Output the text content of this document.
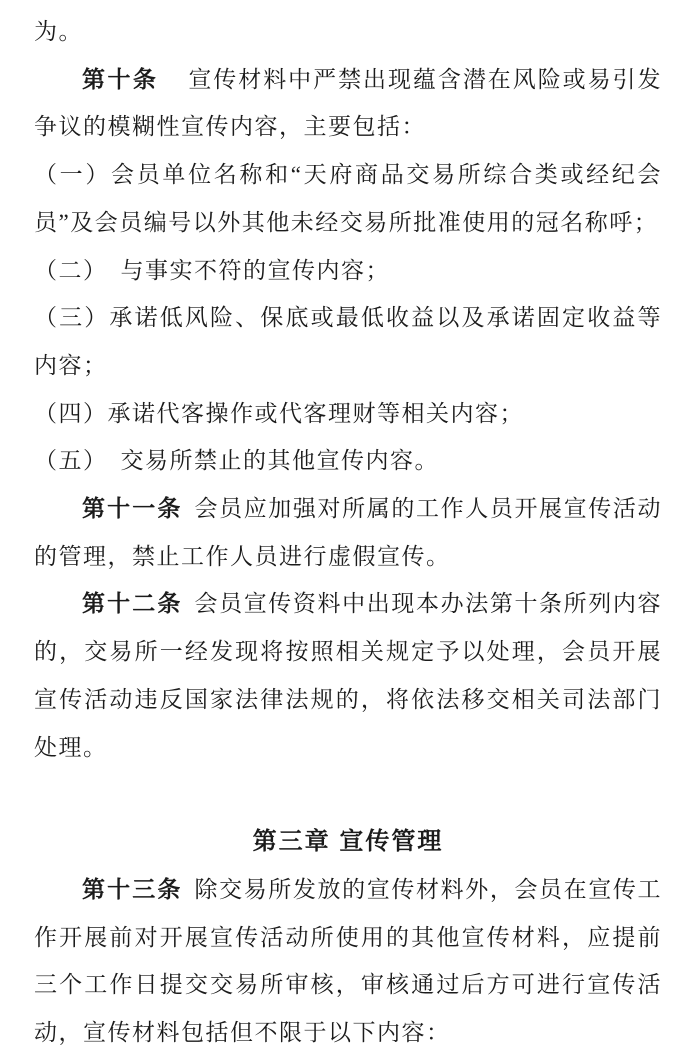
为。

第十条 宣传材料中严禁出现蕴含潜在风险或易引发争议的模糊性宣传内容，主要包括：

（一）会员单位名称和“天府商品交易所综合类或经纪会员”及会员编号以外其他未经交易所批准使用的冠名称呼；

（二）　与事实不符的宣传内容；

（三）承诺低风险、保底或最低收益以及承诺固定收益等内容；

（四）承诺代客操作或代客理财等相关内容；

（五）　交易所禁止的其他宣传内容。

第十一条 会员应加强对所属的工作人员开展宣传活动的管理，禁止工作人员进行虚假宣传。

第十二条 会员宣传资料中出现本办法第十条所列内容的，交易所一经发现将按照相关规定予以处理，会员开展宣传活动违反国家法律法规的，将依法移交相关司法部门处理。

第三章 宣传管理

第十三条 除交易所发放的宣传材料外，会员在宣传工作开展前对开展宣传活动所使用的其他宣传材料，应提前三个工作日提交交易所审核，审核通过后方可进行宣传活动，宣传材料包括但不限于以下内容：
